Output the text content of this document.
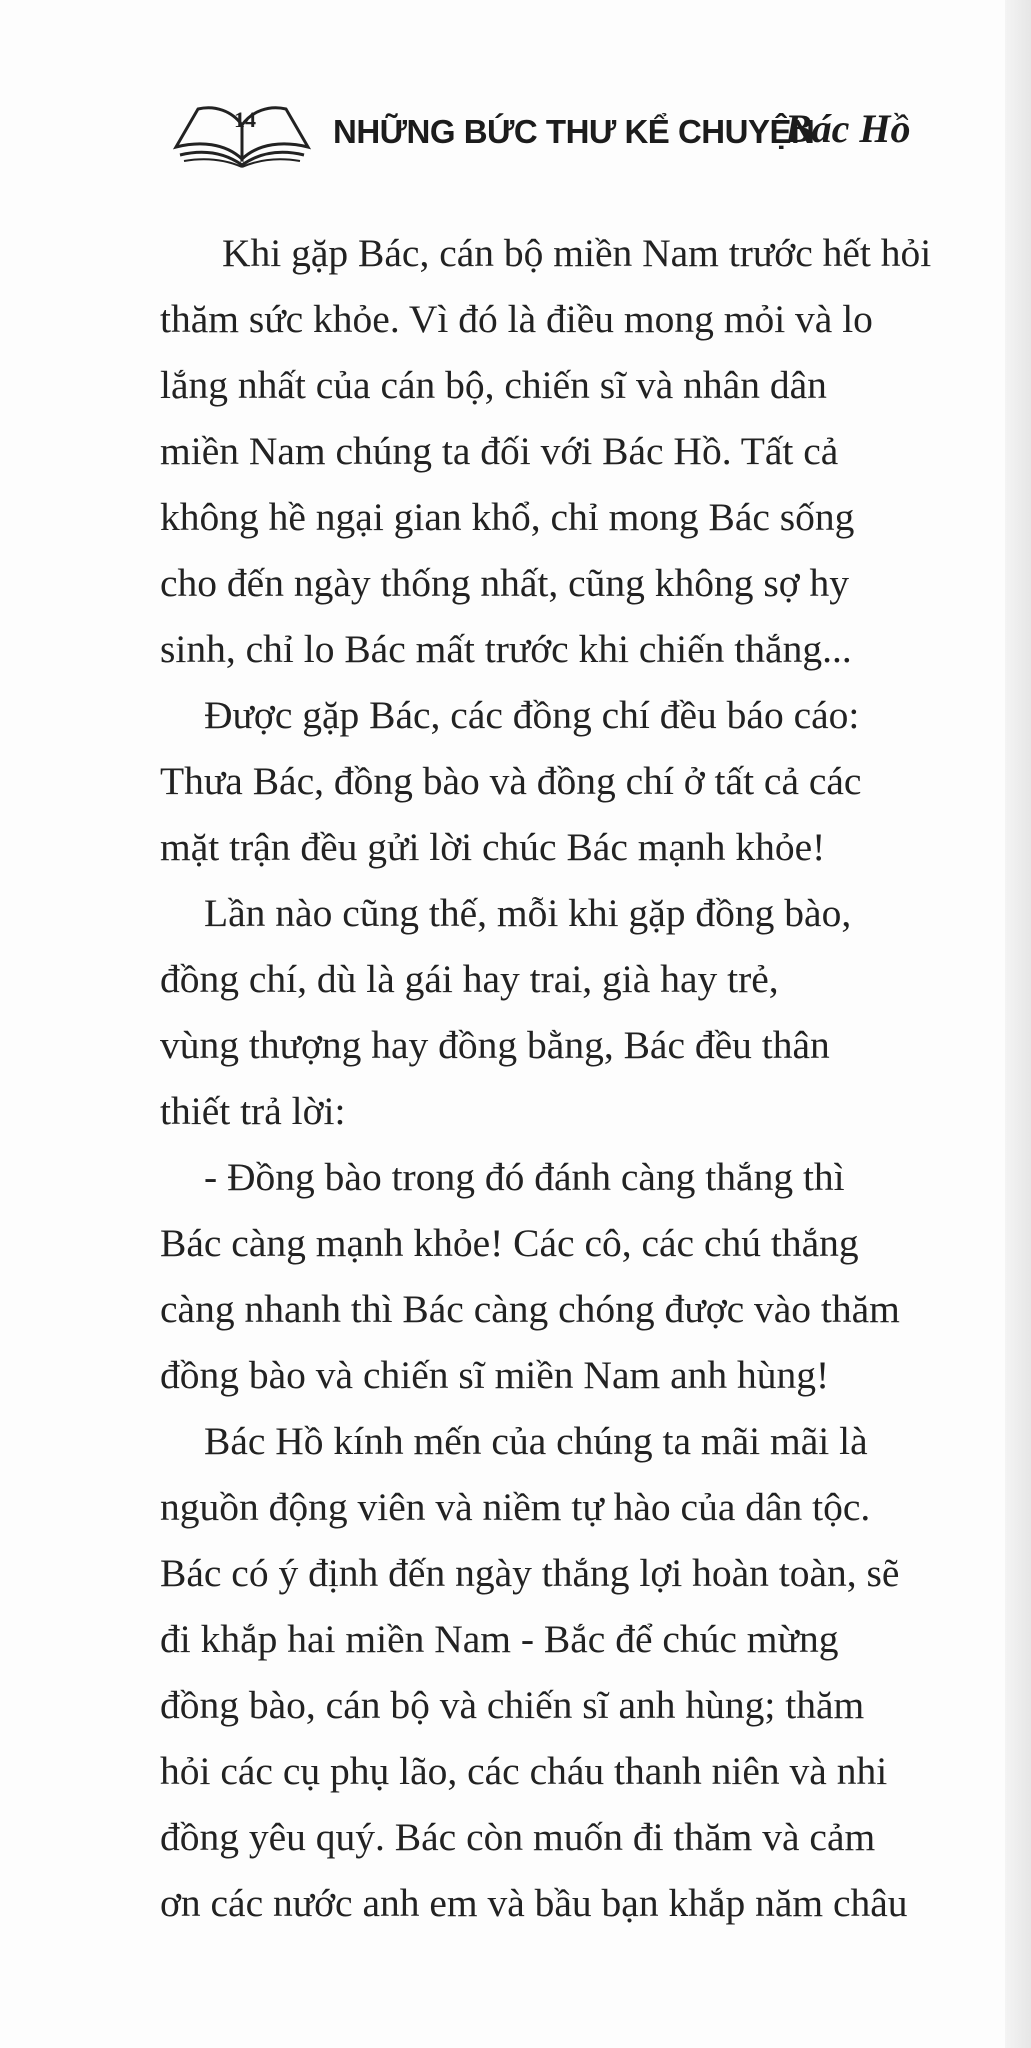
14 NHỮNG BỨC THƯ KỂ CHUYỆN
Bác Hồ
Khi gặp Bác, cán bộ miền Nam trước hết hỏi
thăm sức khỏe. Vì đó là điều mong mỏi và lo
lắng nhất của cán bộ, chiến sĩ và nhân dân
miền Nam chúng ta đối với Bác Hồ. Tất cả
không hề ngại gian khổ, chỉ mong Bác sống
cho đến ngày thống nhất, cũng không sợ hy
sinh, chỉ lo Bác mất trước khi chiến thắng...
Được gặp Bác, các đồng chí đều báo cáo:
Thưa Bác, đồng bào và đồng chí ở tất cả các
mặt trận đều gửi lời chúc Bác mạnh khỏe!
Lần nào cũng thế, mỗi khi gặp đồng bào,
đồng chí, dù là gái hay trai, già hay trẻ,
vùng thượng hay đồng bằng, Bác đều thân
thiết trả lời:
- Đồng bào trong đó đánh càng thắng thì
Bác càng mạnh khỏe! Các cô, các chú thắng
càng nhanh thì Bác càng chóng được vào thăm
đồng bào và chiến sĩ miền Nam anh hùng!
Bác Hồ kính mến của chúng ta mãi mãi là
nguồn động viên và niềm tự hào của dân tộc.
Bác có ý định đến ngày thắng lợi hoàn toàn, sẽ
đi khắp hai miền Nam - Bắc để chúc mừng
đồng bào, cán bộ và chiến sĩ anh hùng; thăm
hỏi các cụ phụ lão, các cháu thanh niên và nhi
đồng yêu quý. Bác còn muốn đi thăm và cảm
ơn các nước anh em và bầu bạn khắp năm châu
